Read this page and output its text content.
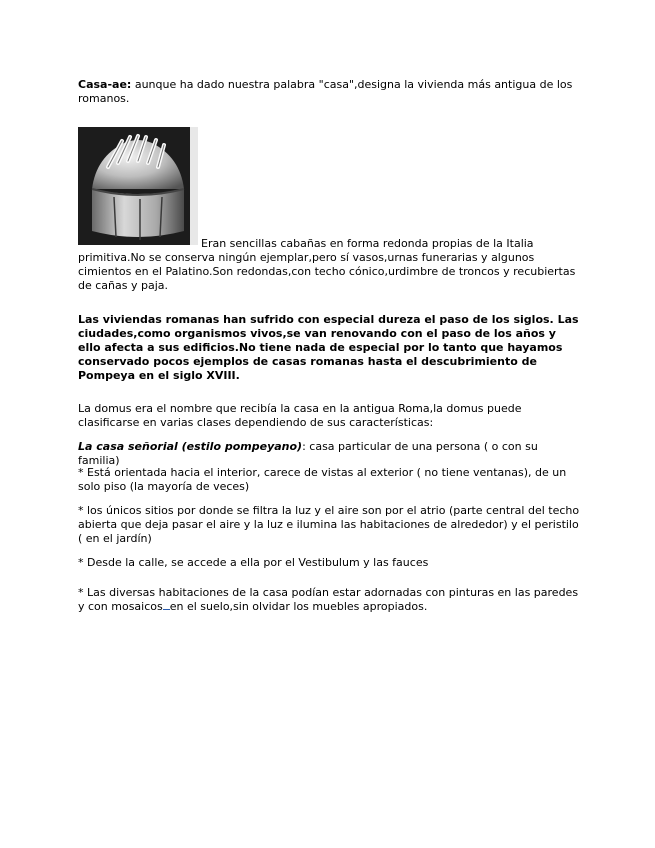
Casa-ae: aunque ha dado nuestra palabra "casa",designa la vivienda más antigua de los romanos.
Eran sencillas cabañas en forma redonda propias de la Italia
primitiva.No se conserva ningún ejemplar,pero sí vasos,urnas funerarias y algunos cimientos en el Palatino.Son redondas,con techo cónico,urdimbre de troncos y recubiertas de cañas y paja.
Las viviendas romanas han sufrido con especial dureza el paso de los siglos. Las ciudades,como organismos vivos,se van renovando con el paso de los años y ello afecta a sus edificios.No tiene nada de especial por lo tanto que hayamos conservado pocos ejemplos de casas romanas hasta el descubrimiento de Pompeya en el siglo XVIII.
La domus era el nombre que recibía la casa en la antigua Roma,la domus puede clasificarse en varias clases dependiendo de sus características:
La casa señorial (estilo pompeyano): casa particular de una persona ( o con su familia)
* Está orientada hacia el interior, carece de vistas al exterior ( no tiene ventanas), de un solo piso (la mayoría de veces)
* los únicos sitios por donde se filtra la luz y el aire son por el atrio (parte central del techo abierta que deja pasar el aire y la luz e ilumina las habitaciones de alrededor) y el peristilo ( en el jardín)
* Desde la calle, se accede a ella por el Vestibulum y las fauces
* Las diversas habitaciones de la casa podían estar adornadas con pinturas en las paredes y con mosaicos en el suelo,sin olvidar los muebles apropiados.
